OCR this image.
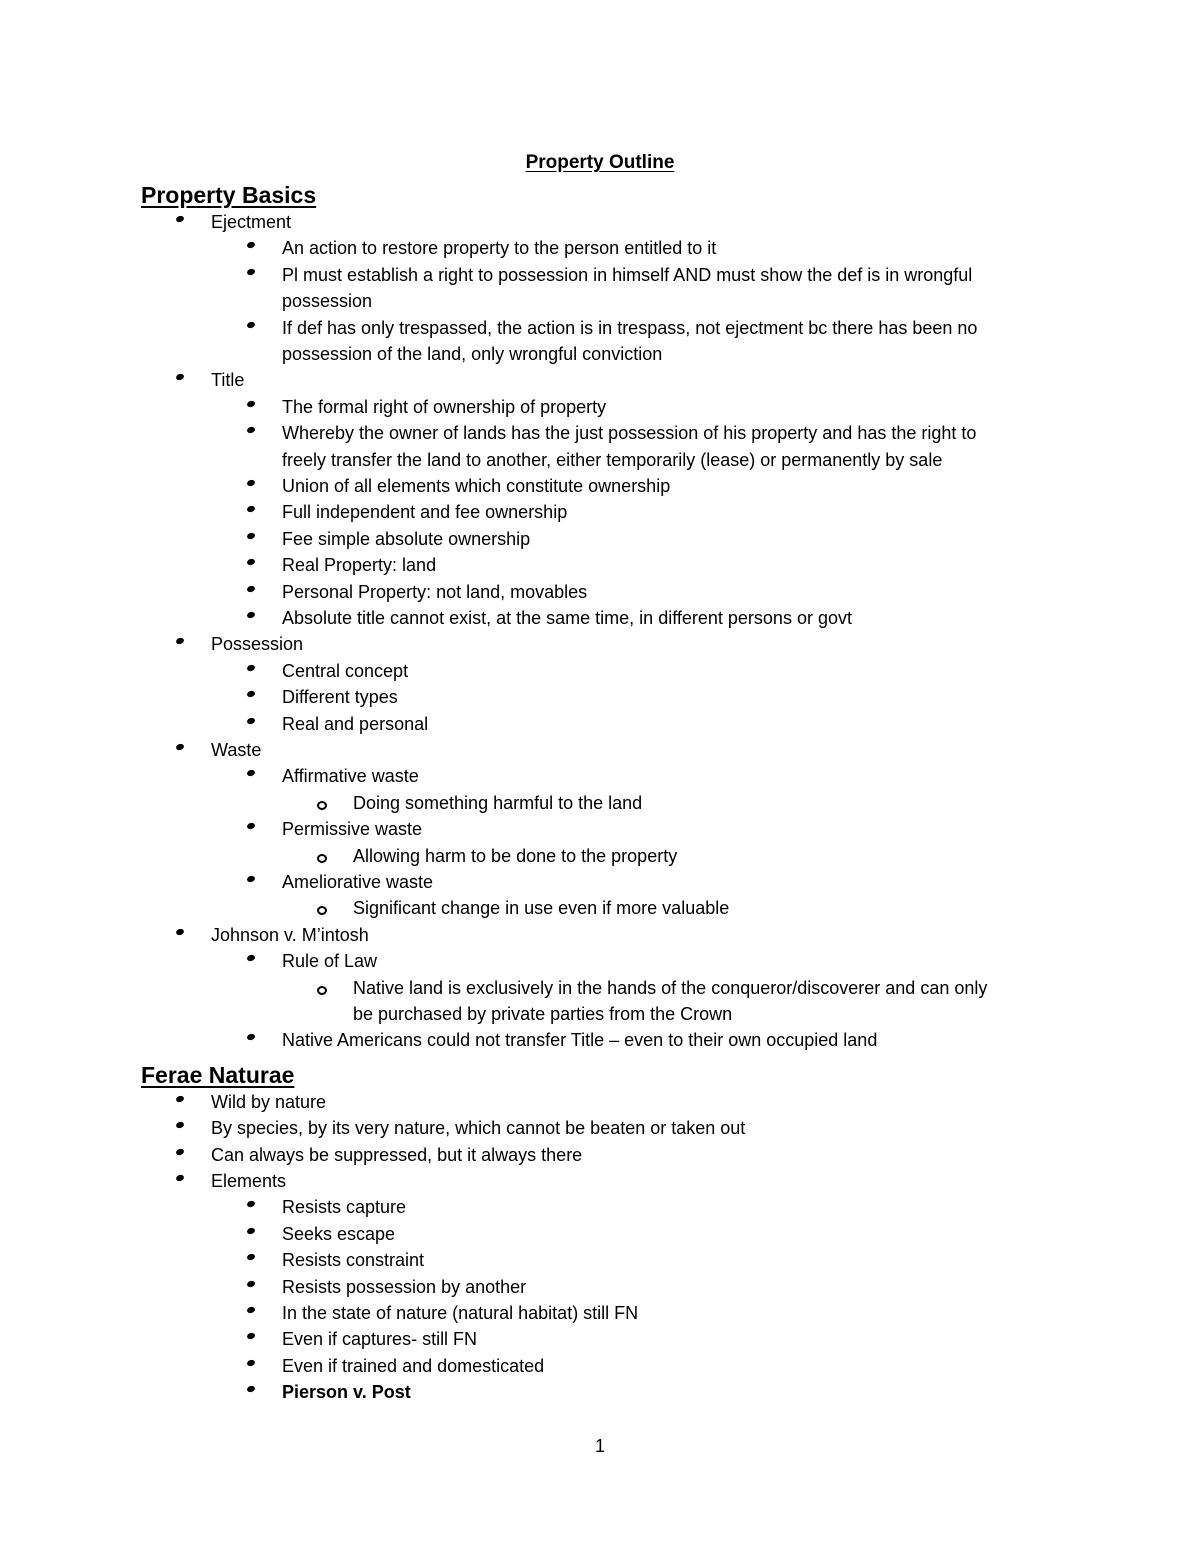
Property Outline
Property Basics
Ejectment
An action to restore property to the person entitled to it
Pl must establish a right to possession in himself AND must show the def is in wrongful
possession
If def has only trespassed, the action is in trespass, not ejectment bc there has been no
possession of the land, only wrongful conviction
Title
The formal right of ownership of property
Whereby the owner of lands has the just possession of his property and has the right to
freely transfer the land to another, either temporarily (lease) or permanently by sale
Union of all elements which constitute ownership
Full independent and fee ownership
Fee simple absolute ownership
Real Property: land
Personal Property: not land, movables
Absolute title cannot exist, at the same time, in different persons or govt
Possession
Central concept
Different types
Real and personal
Waste
Affirmative waste
Doing something harmful to the land
Permissive waste
Allowing harm to be done to the property
Ameliorative waste
Significant change in use even if more valuable
Johnson v. M’intosh
Rule of Law
Native land is exclusively in the hands of the conqueror/discoverer and can only
be purchased by private parties from the Crown
Native Americans could not transfer Title – even to their own occupied land
Ferae Naturae
Wild by nature
By species, by its very nature, which cannot be beaten or taken out
Can always be suppressed, but it always there
Elements
Resists capture
Seeks escape
Resists constraint
Resists possession by another
In the state of nature (natural habitat) still FN
Even if captures- still FN
Even if trained and domesticated
Pierson v. Post
1
